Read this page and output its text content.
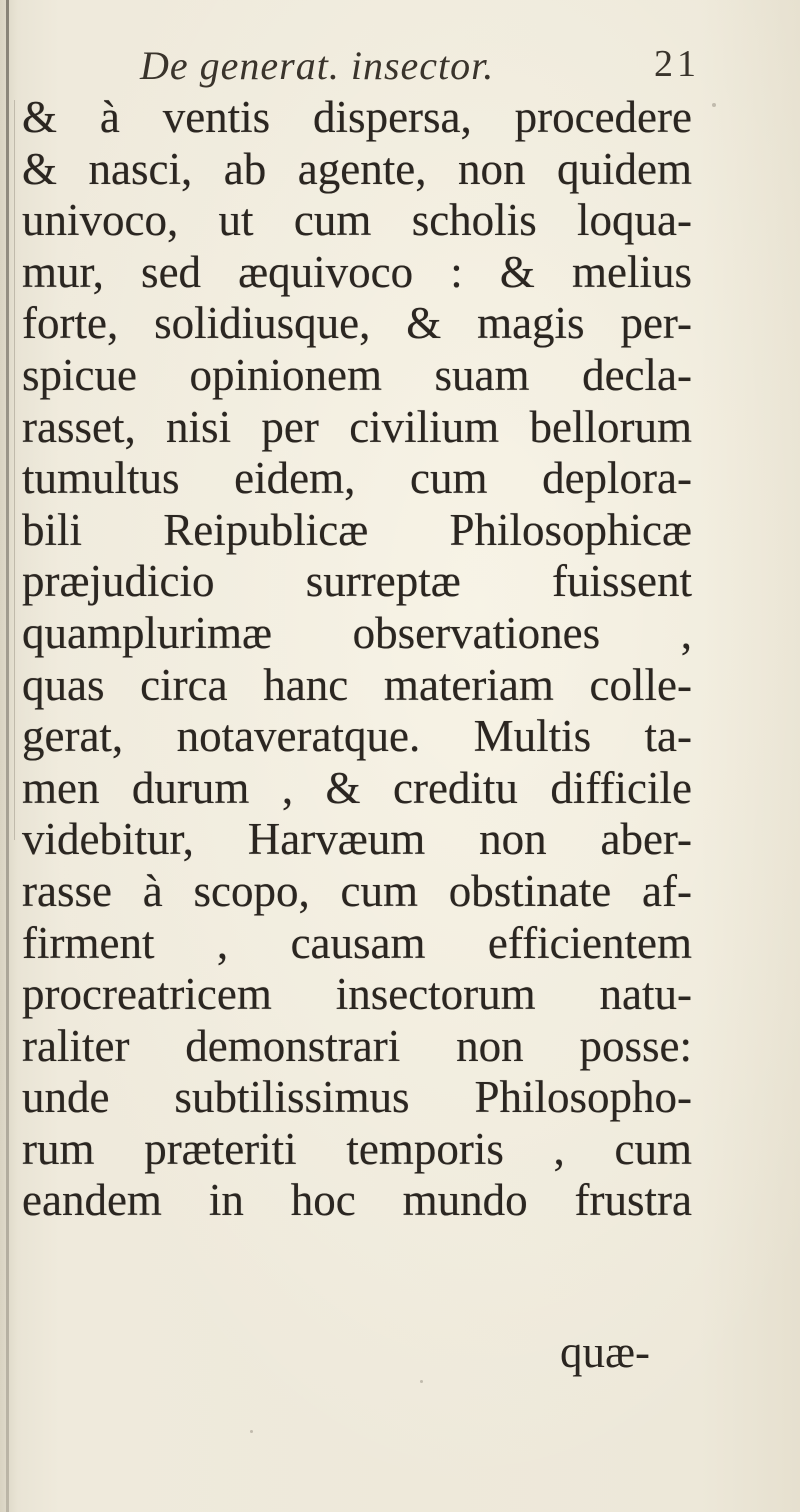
De generat. insector.	21
& à ventis dispersa, procedere
& nasci, ab agente, non quidem
univoco, ut cum scholis loqua-
mur, sed æquivoco : & melius
forte, solidiusque, & magis per-
spicue opinionem suam decla-
rasset, nisi per civilium bellorum
tumultus eidem, cum deplora-
bili Reipublicæ Philosophicæ
præjudicio surreptæ fuissent
quamplurimæ observationes ,
quas circa hanc materiam colle-
gerat, notaveratque. Multis ta-
men durum , & creditu difficile
videbitur, Harvæum non aber-
rasse à scopo, cum obstinate af-
firment , causam efficientem
procreatricem insectorum natu-
raliter demonstrari non posse:
unde subtilissimus Philosopho-
rum præteriti temporis , cum
eandem in hoc mundo frustra
quæ-
